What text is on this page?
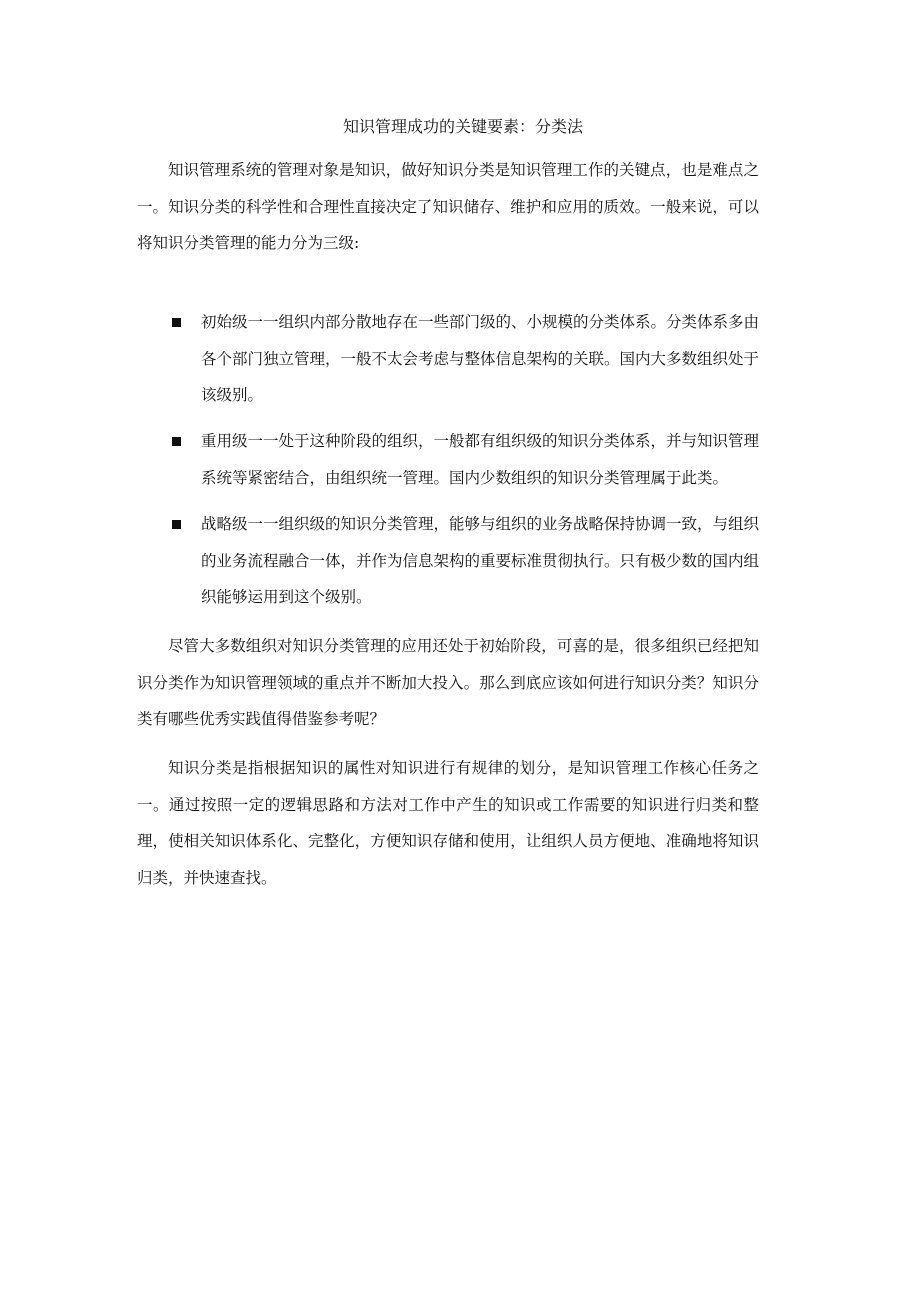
知识管理成功的关键要素：分类法

知识管理系统的管理对象是知识，做好知识分类是知识管理工作的关键点，也是难点之一。知识分类的科学性和合理性直接决定了知识储存、维护和应用的质效。一般来说，可以将知识分类管理的能力分为三级:

初始级一一组织内部分散地存在一些部门级的、小规模的分类体系。分类体系多由各个部门独立管理，一般不太会考虑与整体信息架构的关联。国内大多数组织处于该级别。
重用级一一处于这种阶段的组织，一般都有组织级的知识分类体系，并与知识管理系统等紧密结合，由组织统一管理。国内少数组织的知识分类管理属于此类。
战略级一一组织级的知识分类管理，能够与组织的业务战略保持协调一致，与组织的业务流程融合一体，并作为信息架构的重要标准贯彻执行。只有极少数的国内组织能够运用到这个级别。

尽管大多数组织对知识分类管理的应用还处于初始阶段，可喜的是，很多组织已经把知识分类作为知识管理领域的重点并不断加大投入。那么到底应该如何进行知识分类？知识分类有哪些优秀实践值得借鉴参考呢？

知识分类是指根据知识的属性对知识进行有规律的划分，是知识管理工作核心任务之一。通过按照一定的逻辑思路和方法对工作中产生的知识或工作需要的知识进行归类和整理，使相关知识体系化、完整化，方便知识存储和使用，让组织人员方便地、准确地将知识归类，并快速查找。
